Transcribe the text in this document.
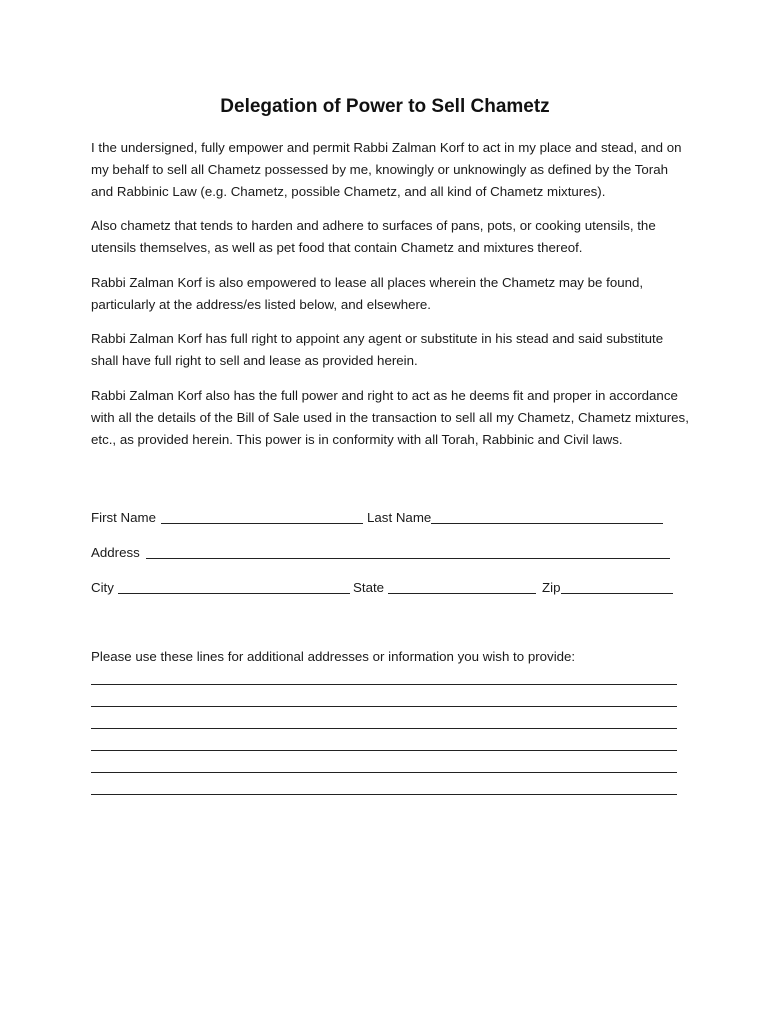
Delegation of Power to Sell Chametz

I the undersigned, fully empower and permit Rabbi Zalman Korf to act in my place and stead, and on my behalf to sell all Chametz possessed by me, knowingly or unknowingly as defined by the Torah and Rabbinic Law (e.g. Chametz, possible Chametz, and all kind of Chametz mixtures).

Also chametz that tends to harden and adhere to surfaces of pans, pots, or cooking utensils, the utensils themselves, as well as pet food that contain Chametz and mixtures thereof.

Rabbi Zalman Korf is also empowered to lease all places wherein the Chametz may be found, particularly at the address/es listed below, and elsewhere.

Rabbi Zalman Korf has full right to appoint any agent or substitute in his stead and said substitute shall have full right to sell and lease as provided herein.

Rabbi Zalman Korf also has the full power and right to act as he deems fit and proper in accordance with all the details of the Bill of Sale used in the transaction to sell all my Chametz, Chametz mixtures, etc., as provided herein. This power is in conformity with all Torah, Rabbinic and Civil laws.

First Name	Last Name
Address
City	State	Zip
Please use these lines for additional addresses or information you wish to provide:
